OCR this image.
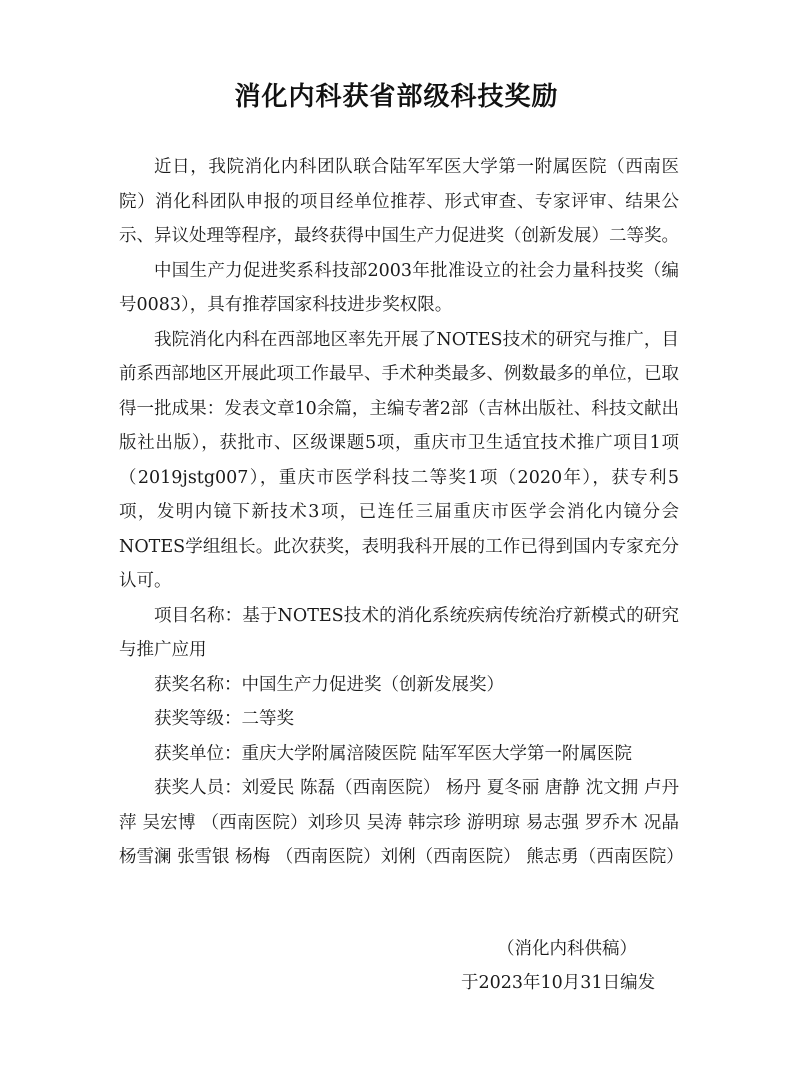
消化内科获省部级科技奖励

近日，我院消化内科团队联合陆军军医大学第一附属医院（西南医院）消化科团队申报的项目经单位推荐、形式审查、专家评审、结果公示、异议处理等程序，最终获得中国生产力促进奖（创新发展）二等奖。

中国生产力促进奖系科技部2003年批准设立的社会力量科技奖（编号0083），具有推荐国家科技进步奖权限。

我院消化内科在西部地区率先开展了NOTES技术的研究与推广，目前系西部地区开展此项工作最早、手术种类最多、例数最多的单位，已取得一批成果：发表文章10余篇，主编专著2部（吉林出版社、科技文献出版社出版），获批市、区级课题5项，重庆市卫生适宜技术推广项目1项（2019jstg007），重庆市医学科技二等奖1项（2020年），获专利5项，发明内镜下新技术3项，已连任三届重庆市医学会消化内镜分会NOTES学组组长。此次获奖，表明我科开展的工作已得到国内专家充分认可。

项目名称：基于NOTES技术的消化系统疾病传统治疗新模式的研究与推广应用

获奖名称：中国生产力促进奖（创新发展奖）

获奖等级：二等奖

获奖单位：重庆大学附属涪陵医院 陆军军医大学第一附属医院

获奖人员：刘爱民 陈磊（西南医院） 杨丹 夏冬丽 唐静 沈文拥 卢丹萍 吴宏博 （西南医院）刘珍贝 吴涛 韩宗珍 游明琼 易志强 罗乔木 况晶 杨雪澜 张雪银 杨梅 （西南医院）刘俐（西南医院） 熊志勇（西南医院）

（消化内科供稿）
于2023年10月31日编发
